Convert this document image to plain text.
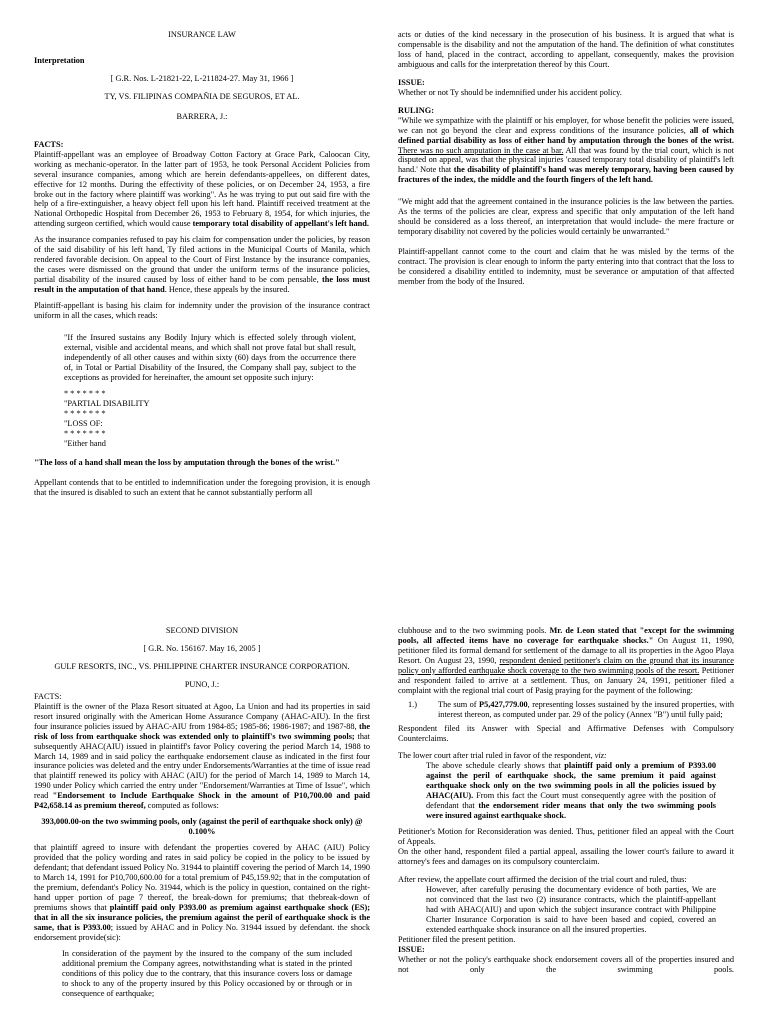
INSURANCE LAW

Interpretation

[ G.R. Nos. L-21821-22, L-211824-27. May 31, 1966 ]

TY, VS. FILIPINAS COMPAÑIA DE SEGUROS, ET AL.

BARRERA, J.:

FACTS:

Plaintiff-appellant was an employee of Broadway Cotton Factory at Grace Park, Caloocan City, working as mechanic-operator. In the latter part of 1953, he took Personal Accident Policies from several insurance companies, among which are herein defendants-appellees, on different dates, effective for 12 months. During the effectivity of these policies, or on December 24, 1953, a fire broke out in the factory where plaintiff was working". As he was trying to put out said fire with the help of a fire-extinguisher, a heavy object fell upon his left hand. Plaintiff received treatment at the National Orthopedic Hospital from December 26, 1953 to February 8, 1954, for which injuries, the attending surgeon certified, which would cause temporary total disability of appellant's left hand.

As the insurance companies refused to pay his claim for compensation under the policies, by reason of the said disability of his left hand, Ty filed actions in the Municipal Courts of Manila, which rendered favorable decision. On appeal to the Court of First Instance by the insurance companies, the cases were dismissed on the ground that under the uniform terms of the insurance policies, partial disability of the insured caused by loss of either hand to be com pensable, the loss must result in the amputation of that hand. Hence, these appeals by the insured.

Plaintiff-appellant is basing his claim for indemnity under the provision of the insurance contract uniform in all the cases, which reads:

"If the Insured sustains any Bodily Injury which is effected solely through violent, external, visible and accidental means, and which shall not prove fatal but shall result, independently of all other causes and within sixty (60) days from the occurrence there of, in Total or Partial Disability of the Insured, the Company shall pay, subject to the exceptions as provided for hereinafter, the amount set opposite such injury:

* * * * * * *
"PARTIAL DISABILITY
* * * * * * *
"LOSS OF:
* * * * * * *
"Either hand

"The loss of a hand shall mean the loss by amputation through the bones of the wrist."

Appellant contends that to be entitled to indemnification under the foregoing provision, it is enough that the insured is disabled to such an extent that he cannot substantially perform all

acts or duties of the kind necessary in the prosecution of his business. It is argued that what is compensable is the disability and not the amputation of the hand. The definition of what constitutes loss of hand, placed in the contract, according to appellant, consequently, makes the provision ambiguous and calls for the interpretation thereof by this Court.

ISSUE:

Whether or not Ty should be indemnified under his accident policy.

RULING:

"While we sympathize with the plaintiff or his employer, for whose benefit the policies were issued, we can not go beyond the clear and express conditions of the insurance policies, all of which defined partial disability as loss of either hand by amputation through the bones of the wrist. There was no such amputation in the case at bar. All that was found by the trial court, which is not disputed on appeal, was that the physical injuries 'caused temporary total disability of plaintiff's left hand.' Note that the disability of plaintiff's hand was merely temporary, having been caused by fractures of the index, the middle and the fourth fingers of the left hand.

"We might add that the agreement contained in the insurance policies is the law between the parties. As the terms of the policies are clear, express and specific that only amputation of the left hand should be considered as a loss thereof, an interpretation that would include- the mere fracture or temporary disability not covered by the policies would certainly be unwarranted."

Plaintiff-appellant cannot come to the court and claim that he was misled by the terms of the contract. The provision is clear enough to inform the party entering into that contract that the loss to be considered a disability entitled to indemnity, must be severance or amputation of that affected member from the body of the Insured.

SECOND DIVISION

[ G.R. No. 156167. May 16, 2005 ]

GULF RESORTS, INC., VS. PHILIPPINE CHARTER INSURANCE CORPORATION.

PUNO, J.:

FACTS:

Plaintiff is the owner of the Plaza Resort situated at Agoo, La Union and had its properties in said resort insured originally with the American Home Assurance Company (AHAC-AIU). In the first four insurance policies issued by AHAC-AIU from 1984-85; 1985-86; 1986-1987; and 1987-88, the risk of loss from earthquake shock was extended only to plaintiff's two swimming pools; that subsequently AHAC(AIU) issued in plaintiff's favor Policy covering the period March 14, 1988 to March 14, 1989 and in said policy the earthquake endorsement clause as indicated in the first four insurance policies was deleted and the entry under Endorsements/Warranties at the time of issue read that plaintiff renewed its policy with AHAC (AIU) for the period of March 14, 1989 to March 14, 1990 under Policy which carried the entry under "Endorsement/Warranties at Time of Issue", which read "Endorsement to Include Earthquake Shock in the amount of P10,700.00 and paid P42,658.14 as premium thereof, computed as follows:

393,000.00-on the two swimming pools, only (against the peril of earthquake shock only) @ 0.100%

that plaintiff agreed to insure with defendant the properties covered by AHAC (AIU) Policy provided that the policy wording and rates in said policy be copied in the policy to be issued by defendant; that defendant issued Policy No. 31944 to plaintiff covering the period of March 14, 1990 to March 14, 1991 for P10,700,600.00 for a total premium of P45,159.92; that in the computation of the premium, defendant's Policy No. 31944, which is the policy in question, contained on the right-hand upper portion of page 7 thereof, the break-down for premiums; that thebreak-down of premiums shows that plaintiff paid only P393.00 as premium against earthquake shock (ES); that in all the six insurance policies, the premium against the peril of earthquake shock is the same, that is P393.00; issued by AHAC and in Policy No. 31944 issued by defendant. the shock endorsement provide(sic):

In consideration of the payment by the insured to the company of the sum included additional premium the Company agrees, notwithstanding what is stated in the printed conditions of this policy due to the contrary, that this insurance covers loss or damage to shock to any of the property insured by this Policy occasioned by or through or in consequence of earthquake;

clubhouse and to the two swimming pools. Mr. de Leon stated that "except for the swimming pools, all affected items have no coverage for earthquake shocks." On August 11, 1990, petitioner filed its formal demand for settlement of the damage to all its properties in the Agoo Playa Resort. On August 23, 1990, respondent denied petitioner's claim on the ground that its insurance policy only afforded earthquake shock coverage to the two swimming pools of the resort. Petitioner and respondent failed to arrive at a settlement. Thus, on January 24, 1991, petitioner filed a complaint with the regional trial court of Pasig praying for the payment of the following:

1.)	The sum of P5,427,779.00, representing losses sustained by the insured properties, with interest thereon, as computed under par. 29 of the policy (Annex "B") until fully paid;

Respondent filed its Answer with Special and Affirmative Defenses with Compulsory Counterclaims.

The lower court after trial ruled in favor of the respondent, viz:

The above schedule clearly shows that plaintiff paid only a premium of P393.00 against the peril of earthquake shock, the same premium it paid against earthquake shock only on the two swimming pools in all the policies issued by AHAC(AIU). From this fact the Court must consequently agree with the position of defendant that the endorsement rider means that only the two swimming pools were insured against earthquake shock.

Petitioner's Motion for Reconsideration was denied. Thus, petitioner filed an appeal with the Court of Appeals.

On the other hand, respondent filed a partial appeal, assailing the lower court's failure to award it attorney's fees and damages on its compulsory counterclaim.

After review, the appellate court affirmed the decision of the trial court and ruled, thus:

However, after carefully perusing the documentary evidence of both parties, We are not convinced that the last two (2) insurance contracts, which the plaintiff-appellant had with AHAC(AIU) and upon which the subject insurance contract with Philippine Charter Insurance Corporation is said to have been based and copied, covered an extended earthquake shock insurance on all the insured properties.

Petitioner filed the present petition.

ISSUE:

Whether or not the policy's earthquake shock endorsement covers all of the properties insured and not only the swimming pools.
